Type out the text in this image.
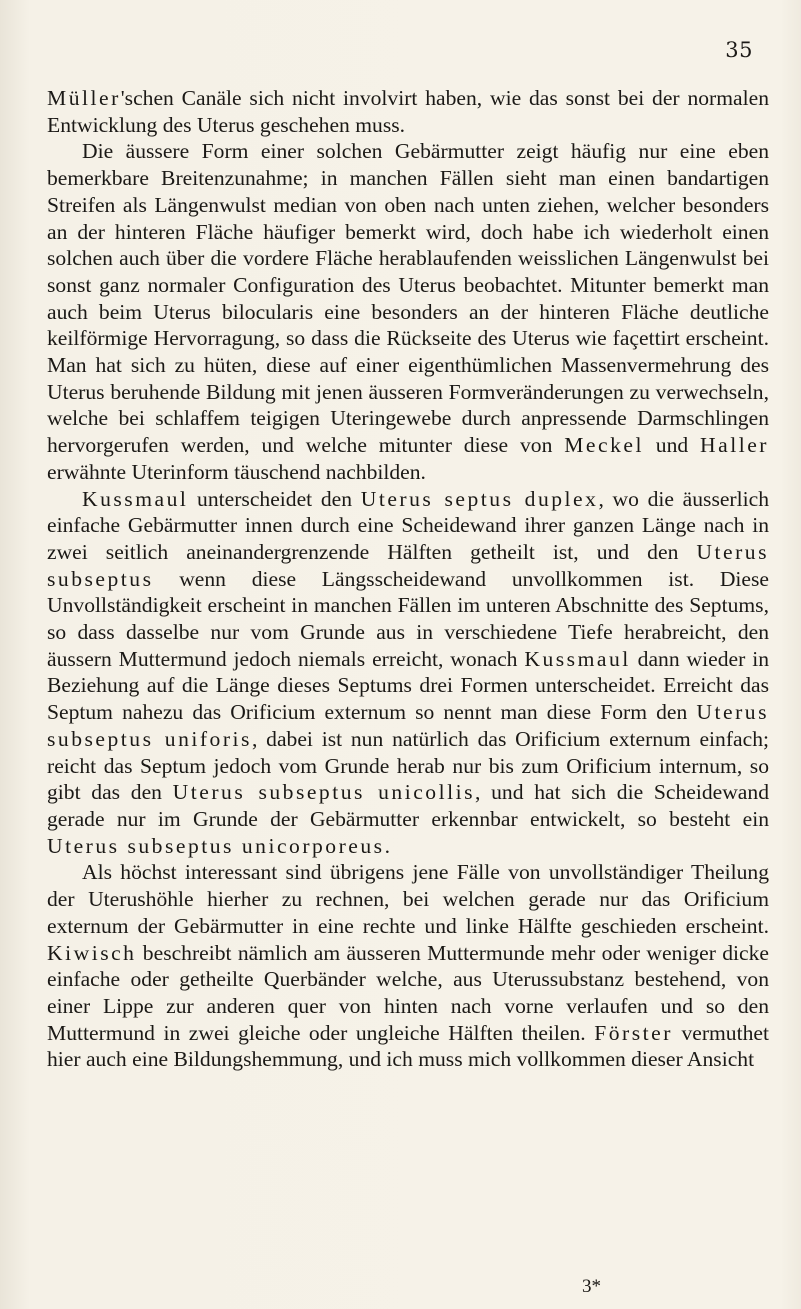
35

Müller'schen Canäle sich nicht involvirt haben, wie das sonst bei der normalen Entwicklung des Uterus geschehen muss.

Die äussere Form einer solchen Gebärmutter zeigt häufig nur eine eben bemerkbare Breitenzunahme; in manchen Fällen sieht man einen bandartigen Streifen als Längenwulst median von oben nach unten ziehen, welcher besonders an der hinteren Fläche häufiger bemerkt wird, doch habe ich wiederholt einen solchen auch über die vordere Fläche herablaufenden weisslichen Längenwulst bei sonst ganz normaler Configuration des Uterus beobachtet. Mitunter bemerkt man auch beim Uterus bilocularis eine besonders an der hinteren Fläche deutliche keilförmige Hervorragung, so dass die Rückseite des Uterus wie façettirt erscheint. Man hat sich zu hüten, diese auf einer eigenthümlichen Massenvermehrung des Uterus beruhende Bildung mit jenen äusseren Formveränderungen zu verwechseln, welche bei schlaffem teigigen Uteringewebe durch anpressende Darmschlingen hervorgerufen werden, und welche mitunter diese von Meckel und Haller erwähnte Uterinform täuschend nachbilden.

Kussmaul unterscheidet den Uterus septus duplex, wo die äusserlich einfache Gebärmutter innen durch eine Scheidewand ihrer ganzen Länge nach in zwei seitlich aneinandergrenzende Hälften getheilt ist, und den Uterus subseptus wenn diese Längsscheidewand unvollkommen ist. Diese Unvollständigkeit erscheint in manchen Fällen im unteren Abschnitte des Septums, so dass dasselbe nur vom Grunde aus in verschiedene Tiefe herabreicht, den äussern Muttermund jedoch niemals erreicht, wonach Kussmaul dann wieder in Beziehung auf die Länge dieses Septums drei Formen unterscheidet. Erreicht das Septum nahezu das Orificium externum so nennt man diese Form den Uterus subseptus uniforis, dabei ist nun natürlich das Orificium externum einfach; reicht das Septum jedoch vom Grunde herab nur bis zum Orificium internum, so gibt das den Uterus subseptus unicollis, und hat sich die Scheidewand gerade nur im Grunde der Gebärmutter erkennbar entwickelt, so besteht ein Uterus subseptus unicorporeus.

Als höchst interessant sind übrigens jene Fälle von unvollständiger Theilung der Uterushöhle hierher zu rechnen, bei welchen gerade nur das Orificium externum der Gebärmutter in eine rechte und linke Hälfte geschieden erscheint. Kiwisch beschreibt nämlich am äusseren Muttermunde mehr oder weniger dicke einfache oder getheilte Querbänder welche, aus Uterussubstanz bestehend, von einer Lippe zur anderen quer von hinten nach vorne verlaufen und so den Muttermund in zwei gleiche oder ungleiche Hälften theilen. Förster vermuthet hier auch eine Bildungshemmung, und ich muss mich vollkommen dieser Ansicht

3*
